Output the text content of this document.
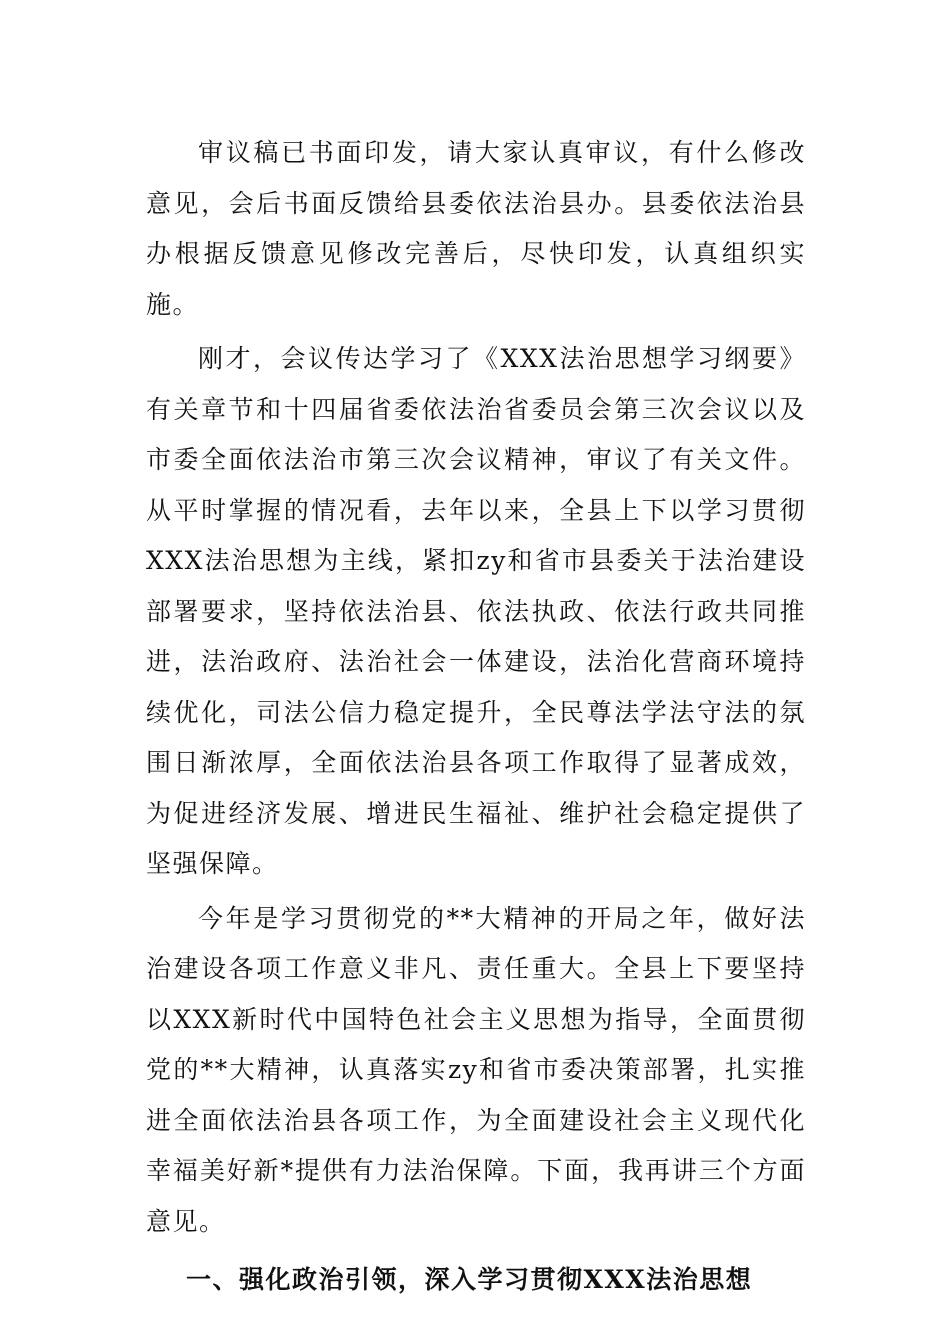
审议稿已书面印发，请大家认真审议，有什么修改意见，会后书面反馈给县委依法治县办。县委依法治县办根据反馈意见修改完善后，尽快印发，认真组织实施。

刚才，会议传达学习了《XXX法治思想学习纲要》有关章节和十四届省委依法治省委员会第三次会议以及市委全面依法治市第三次会议精神，审议了有关文件。从平时掌握的情况看，去年以来，全县上下以学习贯彻XXX法治思想为主线，紧扣zy和省市县委关于法治建设部署要求，坚持依法治县、依法执政、依法行政共同推进，法治政府、法治社会一体建设，法治化营商环境持续优化，司法公信力稳定提升，全民尊法学法守法的氛围日渐浓厚，全面依法治县各项工作取得了显著成效，为促进经济发展、增进民生福祉、维护社会稳定提供了坚强保障。

今年是学习贯彻党的**大精神的开局之年，做好法治建设各项工作意义非凡、责任重大。全县上下要坚持以XXX新时代中国特色社会主义思想为指导，全面贯彻党的**大精神，认真落实zy和省市委决策部署，扎实推进全面依法治县各项工作，为全面建设社会主义现代化幸福美好新*提供有力法治保障。下面，我再讲三个方面意见。

一、强化政治引领，深入学习贯彻XXX法治思想
